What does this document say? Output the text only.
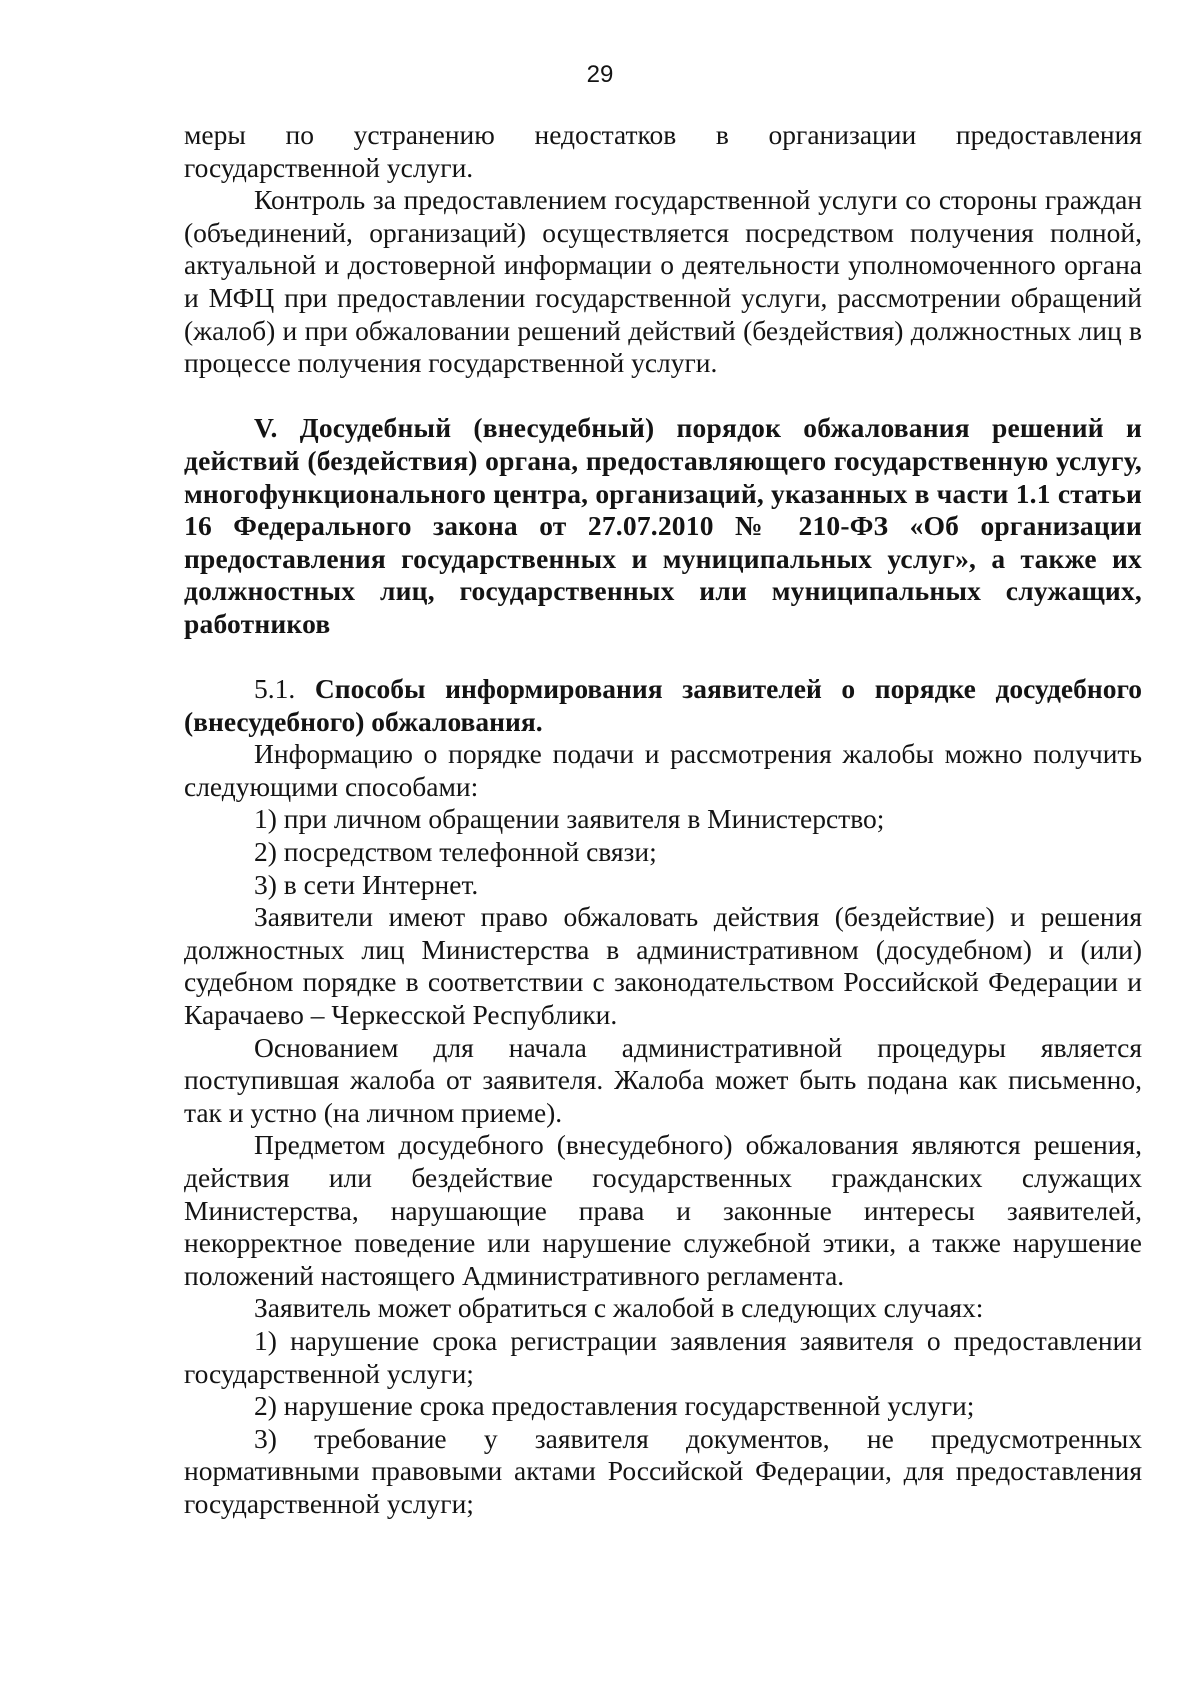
29

меры по устранению недостатков в организации предоставления государственной услуги.

Контроль за предоставлением государственной услуги со стороны граждан (объединений, организаций) осуществляется посредством получения полной, актуальной и достоверной информации о деятельности уполномоченного органа и МФЦ при предоставлении государственной услуги, рассмотрении обращений (жалоб) и при обжаловании решений действий (бездействия) должностных лиц в процессе получения государственной услуги.

V. Досудебный (внесудебный) порядок обжалования решений и действий (бездействия) органа, предоставляющего государственную услугу, многофункционального центра, организаций, указанных в части 1.1 статьи 16 Федерального закона от 27.07.2010 № 210-ФЗ «Об организации предоставления государственных и муниципальных услуг», а также их должностных лиц, государственных или муниципальных служащих, работников

5.1. Способы информирования заявителей о порядке досудебного (внесудебного) обжалования.

Информацию о порядке подачи и рассмотрения жалобы можно получить следующими способами:

1) при личном обращении заявителя в Министерство;

2) посредством телефонной связи;

3) в сети Интернет.

Заявители имеют право обжаловать действия (бездействие) и решения должностных лиц Министерства в административном (досудебном) и (или) судебном порядке в соответствии с законодательством Российской Федерации и Карачаево – Черкесской Республики.

Основанием для начала административной процедуры является поступившая жалоба от заявителя. Жалоба может быть подана как письменно, так и устно (на личном приеме).

Предметом досудебного (внесудебного) обжалования являются решения, действия или бездействие государственных гражданских служащих Министерства, нарушающие права и законные интересы заявителей, некорректное поведение или нарушение служебной этики, а также нарушение положений настоящего Административного регламента.

Заявитель может обратиться с жалобой в следующих случаях:

1) нарушение срока регистрации заявления заявителя о предоставлении государственной услуги;

2) нарушение срока предоставления государственной услуги;

3) требование у заявителя документов, не предусмотренных нормативными правовыми актами Российской Федерации, для предоставления государственной услуги;
